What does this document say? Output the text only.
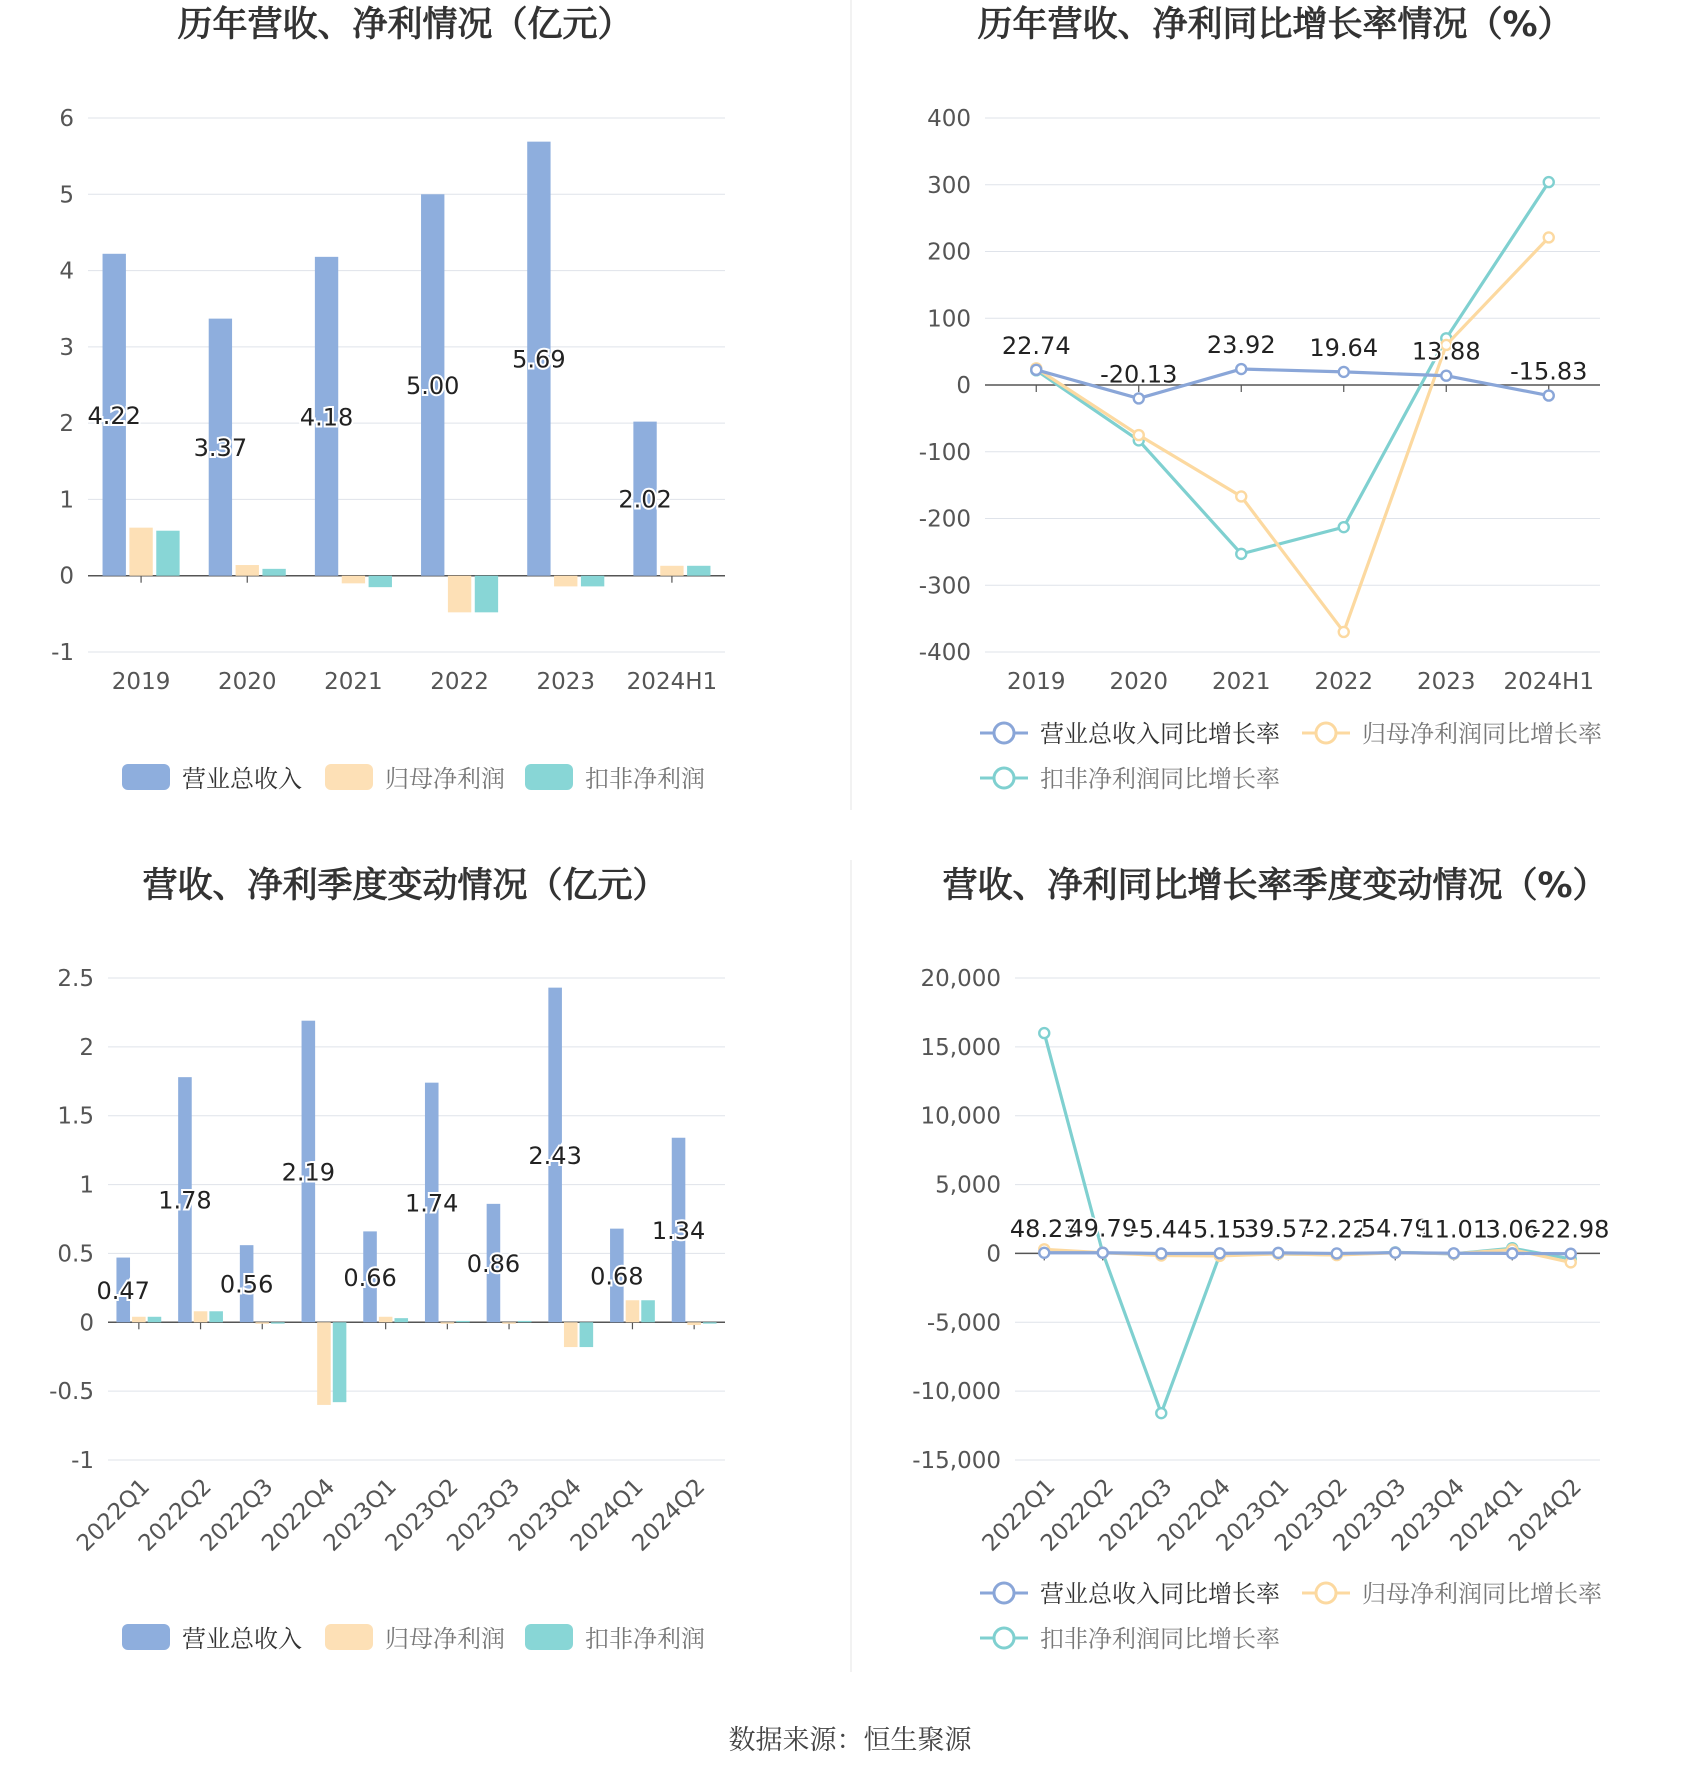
历年营收、净利情况（亿元）	历年营收、净利同比增长率情况（%）
营收、净利季度变动情况（亿元）	营收、净利同比增长率季度变动情况（%）
-1
0
1
2
3
4
5
6
2019 2020 2021 2022 2023 2024H1
4.22
3.37
4.18
5.00
5.69
2.02
营业总收入	归母净利润	扣非净利润
-400
-300
-200
-100
0
100
200
300
400
2019 2020 2021 2022 2023 2024H1
22.74
-20.13
23.92 19.64 13.88
-15.83
营业总收入同比增长率	归母净利润同比增长率
扣非净利润同比增长率
-1
-0.5
0
0.5
1
1.5
2
2.5
2022Q1
2022Q2
2022Q3
2022Q4
2023Q1
2023Q2
2023Q3
2023Q4
2024Q1
2024Q2
0.47
1.78
0.56
2.19
0.66
1.74
0.86
2.43
0.68
1.34
营业总收入	归母净利润	扣非净利润
-15,000
-10,000
-5,000
0
5,000
10,000
15,000
20,000
2022Q1
2022Q2
2022Q3
2022Q4
2023Q1
2023Q2
2023Q3
2023Q4
2024Q1
2024Q2
48.23
49.79
-5.44 5.15
39.57
-2.22
54.79
11.01
3.06
-22.98
营业总收入同比增长率	归母净利润同比增长率
扣非净利润同比增长率
数据来源：恒生聚源
